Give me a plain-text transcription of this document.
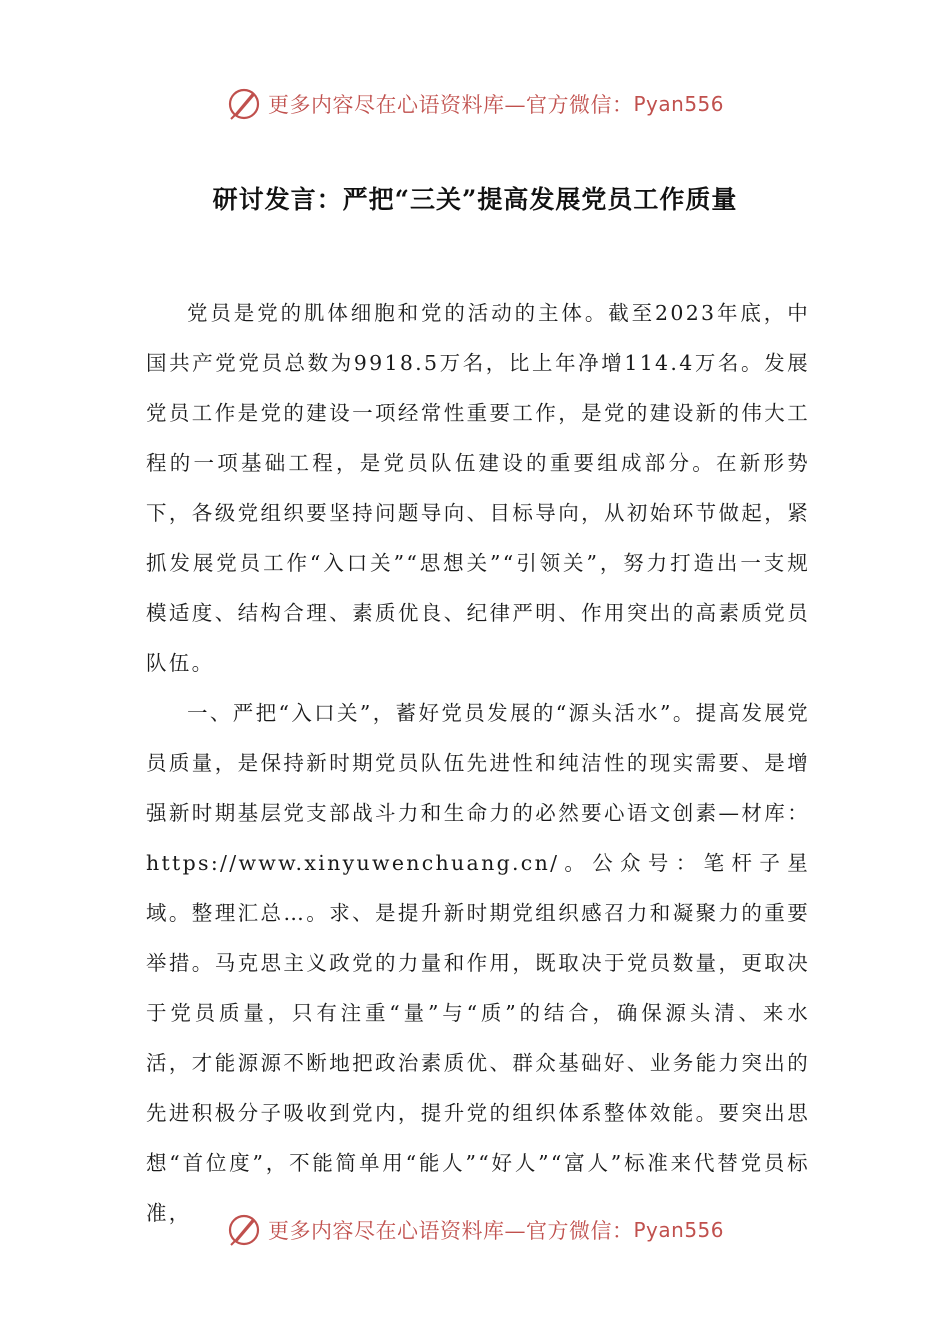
更多内容尽在心语资料库—官方微信： Pyan556
研讨发言：严把“三关”提高发展党员工作质量

党员是党的肌体细胞和党的活动的主体。截至2023年底，中国共产党党员总数为9918.5万名，比上年净增114.4万名。发展党员工作是党的建设一项经常性重要工作，是党的建设新的伟大工程的一项基础工程，是党员队伍建设的重要组成部分。在新形势下，各级党组织要坚持问题导向、目标导向，从初始环节做起，紧抓发展党员工作“入口关”“思想关”“引领关”，努力打造出一支规模适度、结构合理、素质优良、纪律严明、作用突出的高素质党员队伍。

一、严把“入口关”，蓄好党员发展的“源头活水”。提高发展党员质量，是保持新时期党员队伍先进性和纯洁性的现实需要、是增强新时期基层党支部战斗力和生命力的必然要心语文创素—材库：https://www.xinyuwenchuang.cn/。公众号：笔杆子星域。整理汇总…。求、是提升新时期党组织感召力和凝聚力的重要举措。马克思主义政党的力量和作用，既取决于党员数量，更取决于党员质量，只有注重“量”与“质”的结合，确保源头清、来水活，才能源源不断地把政治素质优、群众基础好、业务能力突出的先进积极分子吸收到党内，提升党的组织体系整体效能。要突出思想“首位度”，不能简单用“能人”“好人”“富人”标准来代替党员标准，

更多内容尽在心语资料库—官方微信： Pyan556
